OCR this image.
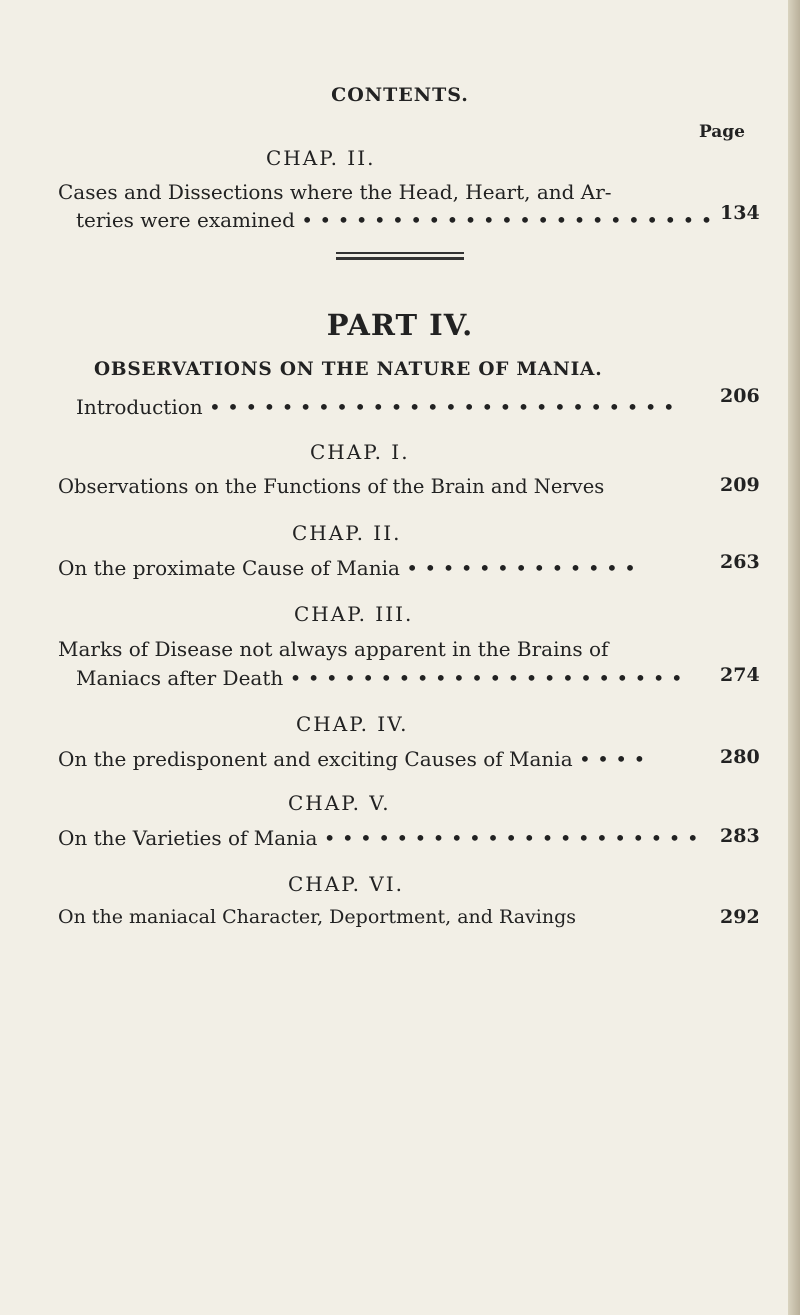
CONTENTS.
Page
CHAP. II.
Cases and Dissections where the Head, Heart, and Ar-
teries were examined • • • • • • • • • • • • • • • • • • • • • • • 134
PART IV.
OBSERVATIONS ON THE NATURE OF MANIA.
Introduction • • • • • • • • • • • • • • • • • • • • • • • • • • 206
CHAP. I.
Observations on the Functions of the Brain and Nerves	209
CHAP. II.
On the proximate Cause of Mania • • • • • • • • • • • • •	263
CHAP. III.
Marks of Disease not always apparent in the Brains of
Maniacs after Death • • • • • • • • • • • • • • • • • • • • • • 274
CHAP. IV.
On the predisponent and exciting Causes of Mania • • • •	280
CHAP. V.
On the Varieties of Mania • • • • • • • • • • • • • • • • • • • • • 283
CHAP. VI.
On the maniacal Character, Deportment, and Ravings	292
